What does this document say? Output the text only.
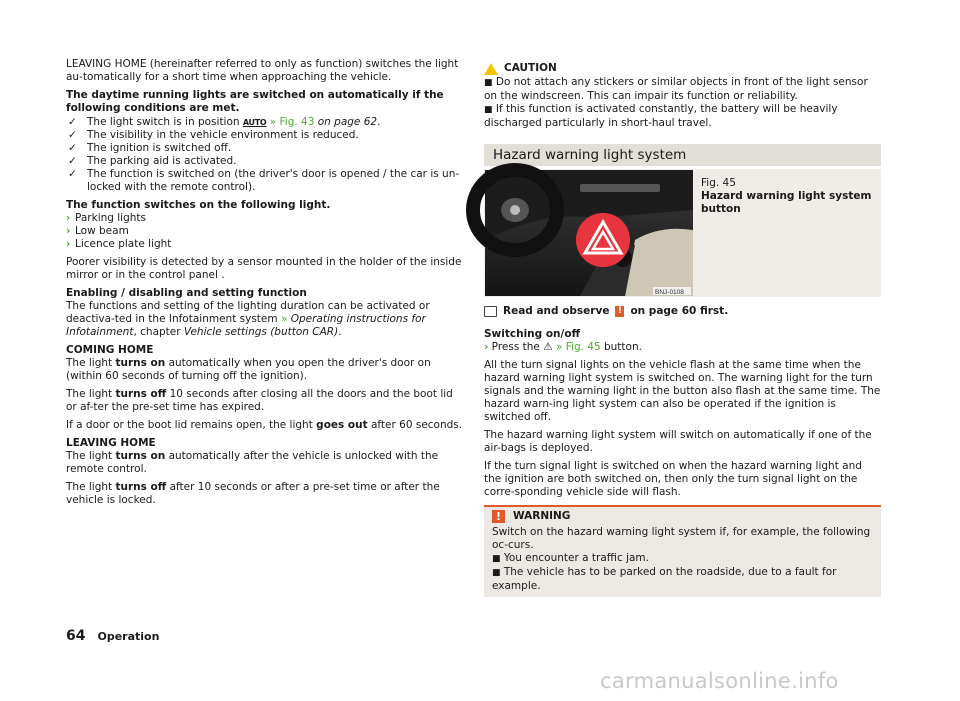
LEAVING HOME (hereinafter referred to only as function) switches the light au-tomatically for a short time when approaching the vehicle.

The daytime running lights are switched on automatically if the following conditions are met.

✓ The light switch is in position AUTO » Fig. 43 on page 62.
✓ The visibility in the vehicle environment is reduced.
✓ The ignition is switched off.
✓ The parking aid is activated.
✓ The function is switched on (the driver's door is opened / the car is un-locked with the remote control).

The function switches on the following light.

› Parking lights
› Low beam
› Licence plate light

Poorer visibility is detected by a sensor mounted in the holder of the inside mirror or in the control panel .

Enabling / disabling and setting function
The functions and setting of the lighting duration can be activated or deactiva-ted in the Infotainment system » Operating instructions for Infotainment, chapter Vehicle settings (button CAR).

COMING HOME
The light turns on automatically when you open the driver's door on (within 60 seconds of turning off the ignition).

The light turns off 10 seconds after closing all the doors and the boot lid or af-ter the pre-set time has expired.

If a door or the boot lid remains open, the light goes out after 60 seconds.

LEAVING HOME
The light turns on automatically after the vehicle is unlocked with the remote control.

The light turns off after 10 seconds or after a pre-set time or after the vehicle is locked.

CAUTION
■ Do not attach any stickers or similar objects in front of the light sensor on the windscreen. This can impair its function or reliability.
■ If this function is activated constantly, the battery will be heavily discharged particularly in short-haul travel.
Hazard warning light system
BNJ-0108
Fig. 45
Hazard warning light system button
Read and observe ! on page 60 first.

Switching on/off
› Press the ⚠ » Fig. 45 button.

All the turn signal lights on the vehicle flash at the same time when the hazard warning light system is switched on. The warning light for the turn signals and the warning light in the button also flash at the same time. The hazard warn-ing light system can also be operated if the ignition is switched off.

The hazard warning light system will switch on automatically if one of the air-bags is deployed.

If the turn signal light is switched on when the hazard warning light and the ignition are both switched on, then only the turn signal light on the corre-sponding vehicle side will flash.

!	WARNING
Switch on the hazard warning light system if, for example, the following oc-curs.
■ You encounter a traffic jam.
■ The vehicle has to be parked on the roadside, due to a fault for example.
64 Operation
carmanualsonline.info
